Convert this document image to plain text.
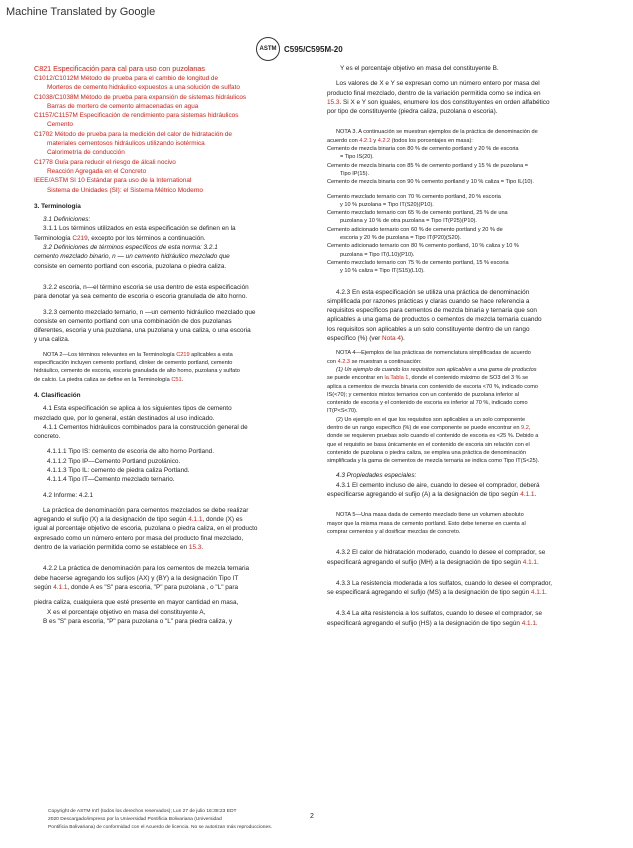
Machine Translated by Google
ASTM C595/C595M-20

C821 Especificación para cal para uso con puzolanas

C1012/C1012M Método de prueba para el cambio de longitud de

Morteros de cemento hidráulico expuestos a una solución de sulfato

C1038/C1038M Método de prueba para expansión de sistemas hidráulicos

Barras de mortero de cemento almacenadas en agua

C1157/C1157M Especificación de rendimiento para sistemas hidráulicos

Cemento

C1702 Método de prueba para la medición del calor de hidratación de

materiales cementosos hidráulicos utilizando isotérmica

Calorimetría de conducción

C1778 Guía para reducir el riesgo de álcali nocivo

Reacción Agregada en el Concreto

IEEE/ASTM SI 10 Estándar para uso de la International

Sistema de Unidades (SI): el Sistema Métrico Moderno

3. Terminología

3.1 Definiciones:

3.1.1 Los términos utilizados en esta especificación se definen en la

Terminología C219, excepto por los términos a continuación.

3.2 Definiciones de términos específicos de esta norma: 3.2.1

cemento mezclado binario, n — un cemento hidráulico mezclado que

consiste en cemento portland con escoria, puzolana o piedra caliza.

3.2.2 escoria, n—el término escoria se usa dentro de esta especificación

para denotar ya sea cemento de escoria o escoria granulada de alto horno.

3.2.3 cemento mezclado ternario, n —un cemento hidráulico mezclado que

consiste en cemento portland con una combinación de dos puzolanas

diferentes, escoria y una puzolana, una puzolana y una caliza, o una escoria

y una caliza.

NOTA 2—Los términos relevantes en la Terminología C219 aplicables a esta

especificación incluyen cemento portland, clinker de cemento portland, cemento

hidráulico, cemento de escoria, escoria granulada de alto horno, puzolana y sulfato

de calcio. La piedra caliza se define en la Terminología C51.

4. Clasificación

4.1 Esta especificación se aplica a los siguientes tipos de cemento

mezclado que, por lo general, están destinados al uso indicado.

4.1.1 Cementos hidráulicos combinados para la construcción general de

concreto.

4.1.1.1 Tipo IS: cemento de escoria de alto horno Portland.

4.1.1.2 Tipo IP—Cemento Portland puzolánico.

4.1.1.3 Tipo IL: cemento de piedra caliza Portland.

4.1.1.4 Tipo IT—Cemento mezclado ternario.

4.2 Informe: 4.2.1

La práctica de denominación para cementos mezclados se debe realizar

agregando el sufijo (X) a la designación de tipo según 4.1.1, donde (X) es

igual al porcentaje objetivo de escoria, puzolana o piedra caliza, en el producto

expresado como un número entero por masa del producto final mezclado,

dentro de la variación permitida como se establece en 15.3.

4.2.2 La práctica de denominación para los cementos de mezcla ternaria

debe hacerse agregando los sufijos (AX) y (BY) a la designación Tipo IT

según 4.1.1, donde A es "S" para escoria, "P" para puzolana , o "L" para

piedra caliza, cualquiera que esté presente en mayor cantidad en masa,

X es el porcentaje objetivo en masa del constituyente A,

B es "S" para escoria, "P" para puzolana o "L" para piedra caliza, y

Y es el porcentaje objetivo en masa del constituyente B.

Los valores de X e Y se expresan como un número entero por masa del

producto final mezclado, dentro de la variación permitida como se indica en

15.3. Si X e Y son iguales, enumere los dos constituyentes en orden alfabético

por tipo de constituyente (piedra caliza, puzolana o escoria).

NOTA 3. A continuación se muestran ejemplos de la práctica de denominación de

acuerdo con 4.2.1 y 4.2.2 (todos los porcentajes en masa):

Cemento de mezcla binaria con 80 % de cemento portland y 20 % de escoria

= Tipo IS(20).

Cemento de mezcla binaria con 85 % de cemento portland y 15 % de puzolana =

Tipo IP(15).

Cemento de mezcla binaria con 90 % cemento portland y 10 % caliza = Tipo IL(10).

Cemento mezclado ternario con 70 % cemento portland, 20 % escoria

y 10 % puzolana = Tipo IT(S20)(P10).

Cemento mezclado ternario con 65 % de cemento portland, 25 % de una

puzolana y 10 % de otra puzolana = Tipo IT(P25)(P10).

Cemento adicionado ternario con 60 % de cemento portland y 20 % de

escoria y 20 % de puzolana = Tipo IT(P20)(S20).

Cemento adicionado ternario con 80 % cemento portland, 10 % caliza y 10 %

puzolana = Tipo IT(L10)(P10).

Cemento mezclado ternario con 75 % de cemento portland, 15 % escoria

y 10 % caliza = Tipo IT(S15)(L10).

4.2.3 En esta especificación se utiliza una práctica de denominación

simplificada por razones prácticas y claras cuando se hace referencia a

requisitos específicos para cementos de mezcla binaria y ternaria que son

aplicables a una gama de productos o cementos de mezcla ternaria cuando

los requisitos son aplicables a un solo constituyente dentro de un rango

específico (%) (ver Nota 4).

NOTA 4—Ejemplos de las prácticas de nomenclatura simplificadas de acuerdo

con 4.2.3 se muestran a continuación:

(1) Un ejemplo de cuando los requisitos son aplicables a una gama de productos

se puede encontrar en la Tabla 1, donde el contenido máximo de SO3 del 3 % se

aplica a cementos de mezcla binaria con contenido de escoria <70 %, indicado como

IS(<70); y cementos mixtos ternarios con un contenido de puzolana inferior al

contenido de escoria y el contenido de escoria es inferior al 70 %, indicado como

IT(P<S<70).

(2) Un ejemplo en el que los requisitos son aplicables a un solo componente

dentro de un rango específico (%) de ese componente se puede encontrar en 9.2,

donde se requieren pruebas solo cuando el contenido de escoria es <25 %. Debido a

que el requisito se basa únicamente en el contenido de escoria sin relación con el

contenido de puzolana o piedra caliza, se emplea una práctica de denominación

simplificada y la gama de cementos de mezcla ternaria se indica como Tipo IT(S<25).

4.3 Propiedades especiales:

4.3.1 El cemento incluso de aire, cuando lo desee el comprador, deberá

especificarse agregando el sufijo (A) a la designación de tipo según 4.1.1.

NOTA 5—Una masa dada de cemento mezclado tiene un volumen absoluto

mayor que la misma masa de cemento portland. Esto debe tenerse en cuenta al

comprar cementos y al dosificar mezclas de concreto.

4.3.2 El calor de hidratación moderado, cuando lo desee el comprador, se

especificará agregando el sufijo (MH) a la designación de tipo según 4.1.1.

4.3.3 La resistencia moderada a los sulfatos, cuando lo desee el comprador,

se especificará agregando el sufijo (MS) a la designación de tipo según 4.1.1.

4.3.4 La alta resistencia a los sulfatos, cuando lo desee el comprador, se

especificará agregando el sufijo (HS) a la designación de tipo según 4.1.1.

Copyright de ASTM Int'l (todos los derechos reservados); Lun 27 de julio 16:38:23 EDT
2020 Descargado/impreso por la Universidad Pontificia Bolivariana (Universidad
Pontificia Bolivariana) de conformidad con el Acuerdo de licencia. No se autorizan más reproducciones.
2
